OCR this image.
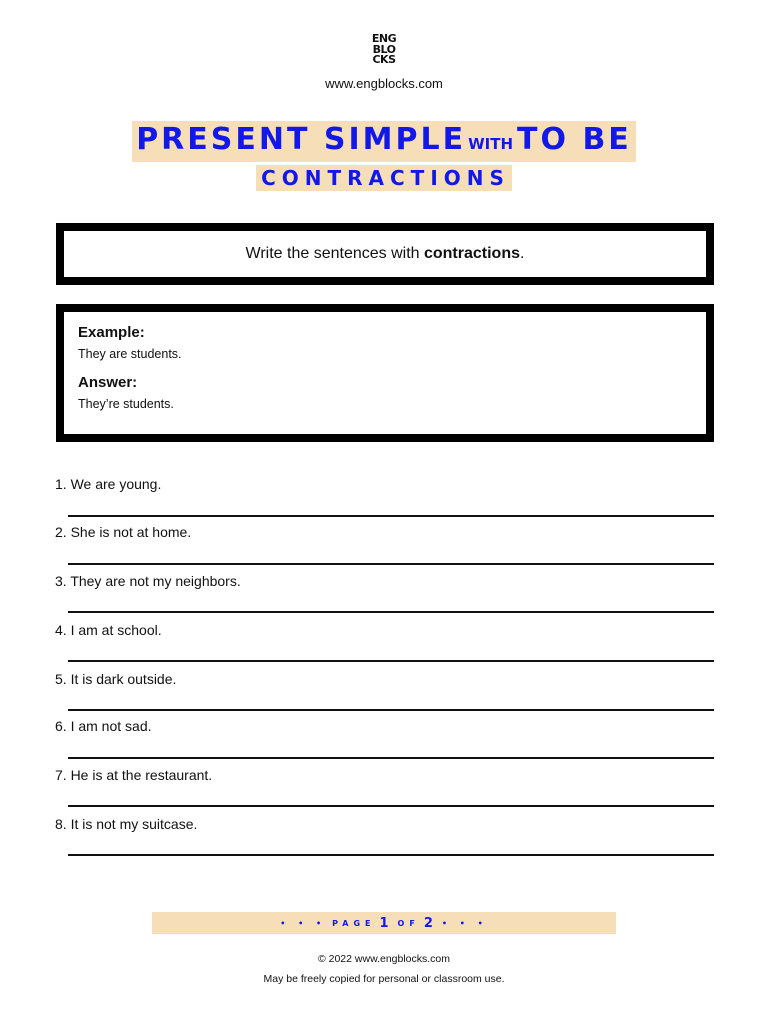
ENG
BLO
CKS
www.engblocks.com
PRESENT SIMPLE WITH TO BE
CONTRACTIONS
Write the sentences with contractions.
Example:
They are students.
Answer:
They’re students.
1. We are young.
2. She is not at home.
3. They are not my neighbors.
4. I am at school.
5. It is dark outside.
6. I am not sad.
7. He is at the restaurant.
8. It is not my suitcase.
• • • PAGE 1 OF 2 • • •
© 2022 www.engblocks.com
May be freely copied for personal or classroom use.
